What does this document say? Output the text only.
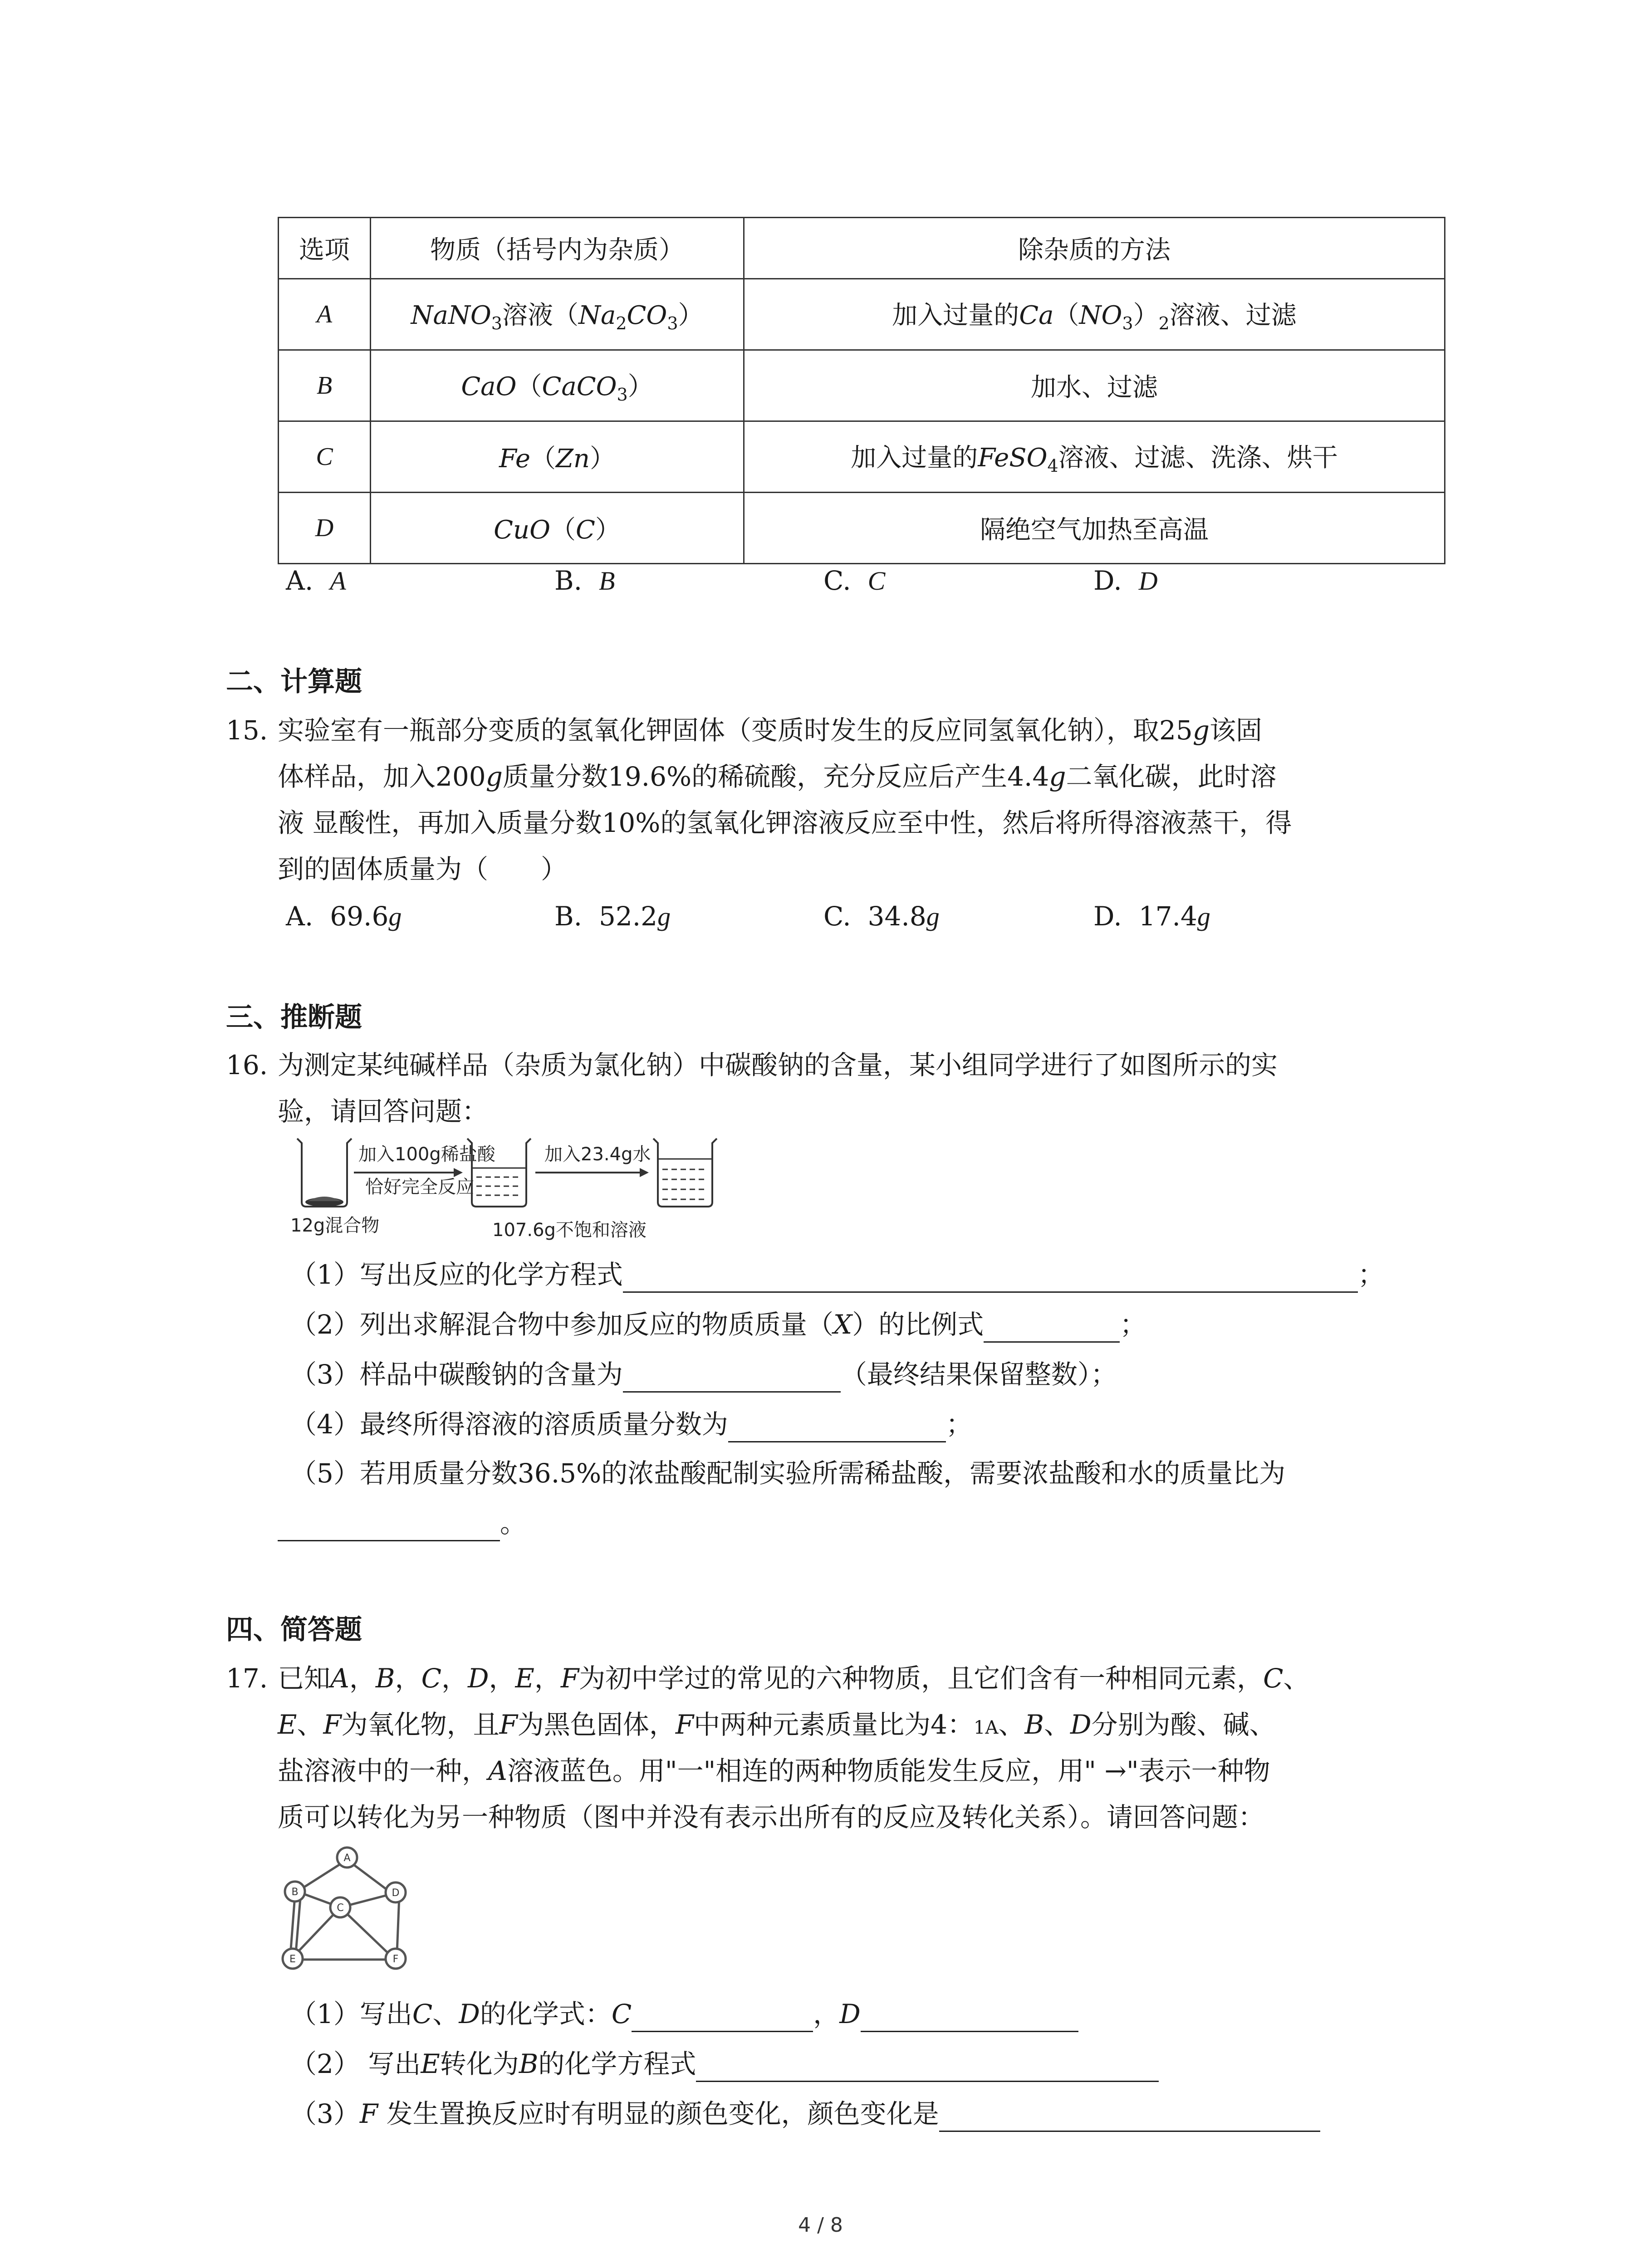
选项	物质（括号内为杂质）	除杂质的方法
A	NaNO$_3$溶液$(Na_2CO_3)$	加入过量的$Ca(NO_3)_2$溶液、过滤
B	CaO（CaCO$_3$）	加水、过滤
C	Fe（Zn）	加入过量的FeSO$_4$溶液、过滤、洗涤、烘干
D	CuO（C）	隔绝空气加热至高温
A. A	B. B	C. C	D. D
二、计算题
15. 实验室有一瓶部分变质的氢氧化钾固体（变质时发生的反应同氢氧化钠），取25g该固
体样品，加入200g质量分数19.6%的稀硫酸，充分反应后产生4.4g二氧化碳，此时溶
液 显酸性，再加入质量分数10%的氢氧化钾溶液反应至中性，然后将所得溶液蒸干，得
到的固体质量为（　　）
A. 69.6g	B. 52.2g	C. 34.8g	D. 17.4g
三、推断题
16. 为测定某纯碱样品（杂质为氯化钠）中碳酸钠的含量，某小组同学进行了如图所示的实
验，请回答问题：
加入100g稀盐酸
恰好完全反应
加入23.4g水
12g混合物	107.6g不饱和溶液
（1）写出反应的化学方程式	；
（2）列出求解混合物中参加反应的物质质量（X）的比例式	；
（3）样品中碳酸钠的含量为	（最终结果保留整数）；
（4）最终所得溶液的溶质质量分数为	；
（5）若用质量分数36.5%的浓盐酸配制实验所需稀盐酸，需要浓盐酸和水的质量比为
。
四、简答题
17. 已知A，B，C，D，E，F为初中学过的常见的六种物质，且它们含有一种相同元素，C、
E、F为氧化物，且F为黑色固体，F中两种元素质量比为4：1A、B、D分别为酸、碱、
盐溶液中的一种，A溶液蓝色。用"一"相连的两种物质能发生反应，用" →"表示一种物
质可以转化为另一种物质（图中并没有表示出所有的反应及转化关系）。请回答问题：
A
B
C
D
E	F
（1）写出C、D的化学式：C	，D
（2） 写出E转化为B的化学方程式
（3）F 发生置换反应时有明显的颜色变化，颜色变化是
4 / 8
